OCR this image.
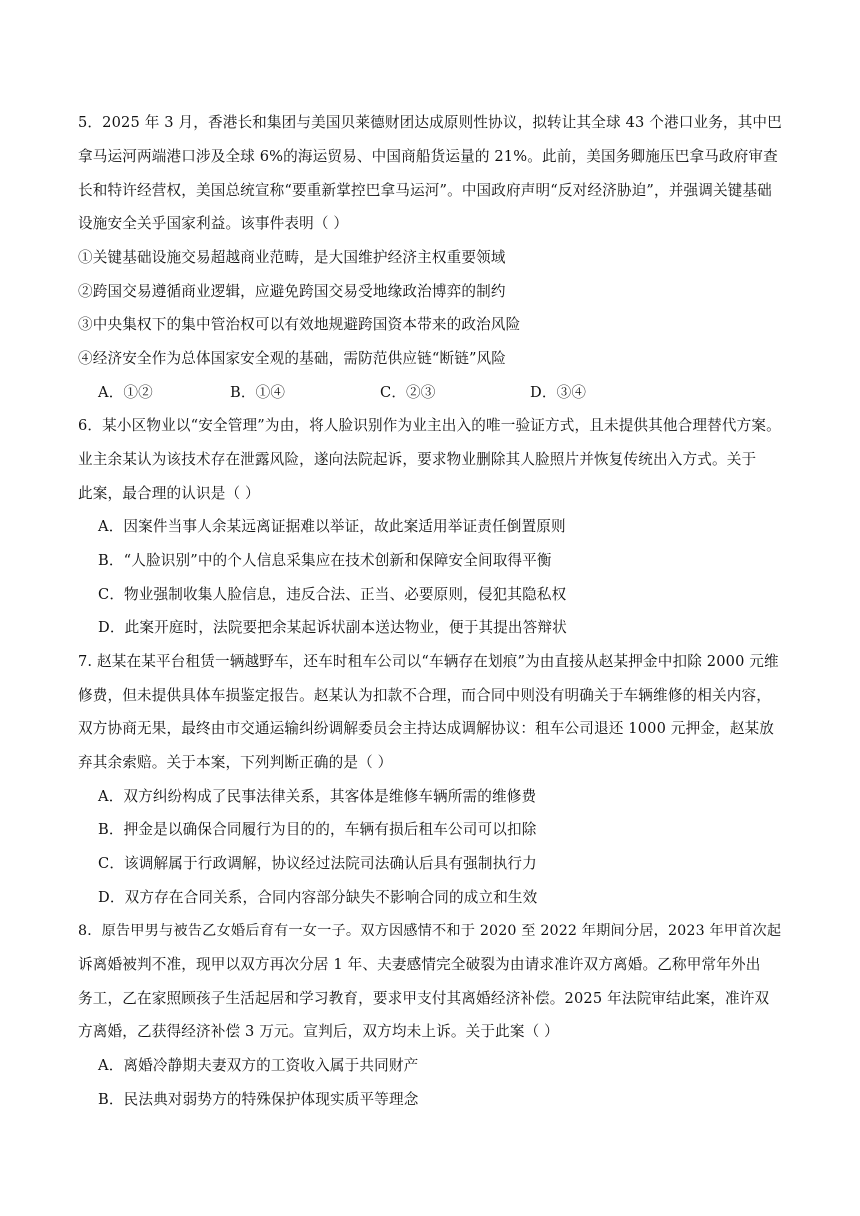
5．2025 年 3 月，香港长和集团与美国贝莱德财团达成原则性协议，拟转让其全球 43 个港口业务，其中巴
拿马运河两端港口涉及全球 6%的海运贸易、中国商船货运量的 21%。此前，美国务卿施压巴拿马政府审查
长和特许经营权，美国总统宣称“要重新掌控巴拿马运河”。中国政府声明“反对经济胁迫”，并强调关键基础
设施安全关乎国家利益。该事件表明（ ）
①关键基础设施交易超越商业范畴，是大国维护经济主权重要领域
②跨国交易遵循商业逻辑，应避免跨国交易受地缘政治博弈的制约
③中央集权下的集中管治权可以有效地规避跨国资本带来的政治风险
④经济安全作为总体国家安全观的基础，需防范供应链“断链”风险
A．①②	B．①④	C．②③	D．③④
6．某小区物业以“安全管理”为由，将人脸识别作为业主出入的唯一验证方式，且未提供其他合理替代方案。
业主余某认为该技术存在泄露风险，遂向法院起诉，要求物业删除其人脸照片并恢复传统出入方式。关于
此案，最合理的认识是（ ）
A．因案件当事人余某远离证据难以举证，故此案适用举证责任倒置原则
B．“人脸识别”中的个人信息采集应在技术创新和保障安全间取得平衡
C．物业强制收集人脸信息，违反合法、正当、必要原则，侵犯其隐私权
D．此案开庭时，法院要把余某起诉状副本送达物业，便于其提出答辩状
7. 赵某在某平台租赁一辆越野车，还车时租车公司以“车辆存在划痕”为由直接从赵某押金中扣除 2000 元维
修费，但未提供具体车损鉴定报告。赵某认为扣款不合理，而合同中则没有明确关于车辆维修的相关内容，
双方协商无果，最终由市交通运输纠纷调解委员会主持达成调解协议：租车公司退还 1000 元押金，赵某放
弃其余索赔。关于本案，下列判断正确的是（ ）
A．双方纠纷构成了民事法律关系，其客体是维修车辆所需的维修费
B．押金是以确保合同履行为目的的，车辆有损后租车公司可以扣除
C．该调解属于行政调解，协议经过法院司法确认后具有强制执行力
D．双方存在合同关系，合同内容部分缺失不影响合同的成立和生效
8．原告甲男与被告乙女婚后育有一女一子。双方因感情不和于 2020 至 2022 年期间分居，2023 年甲首次起
诉离婚被判不准，现甲以双方再次分居 1 年、夫妻感情完全破裂为由请求准许双方离婚。乙称甲常年外出
务工，乙在家照顾孩子生活起居和学习教育，要求甲支付其离婚经济补偿。2025 年法院审结此案，准许双
方离婚，乙获得经济补偿 3 万元。宣判后，双方均未上诉。关于此案（ ）
A．离婚冷静期夫妻双方的工资收入属于共同财产
B．民法典对弱势方的特殊保护体现实质平等理念
